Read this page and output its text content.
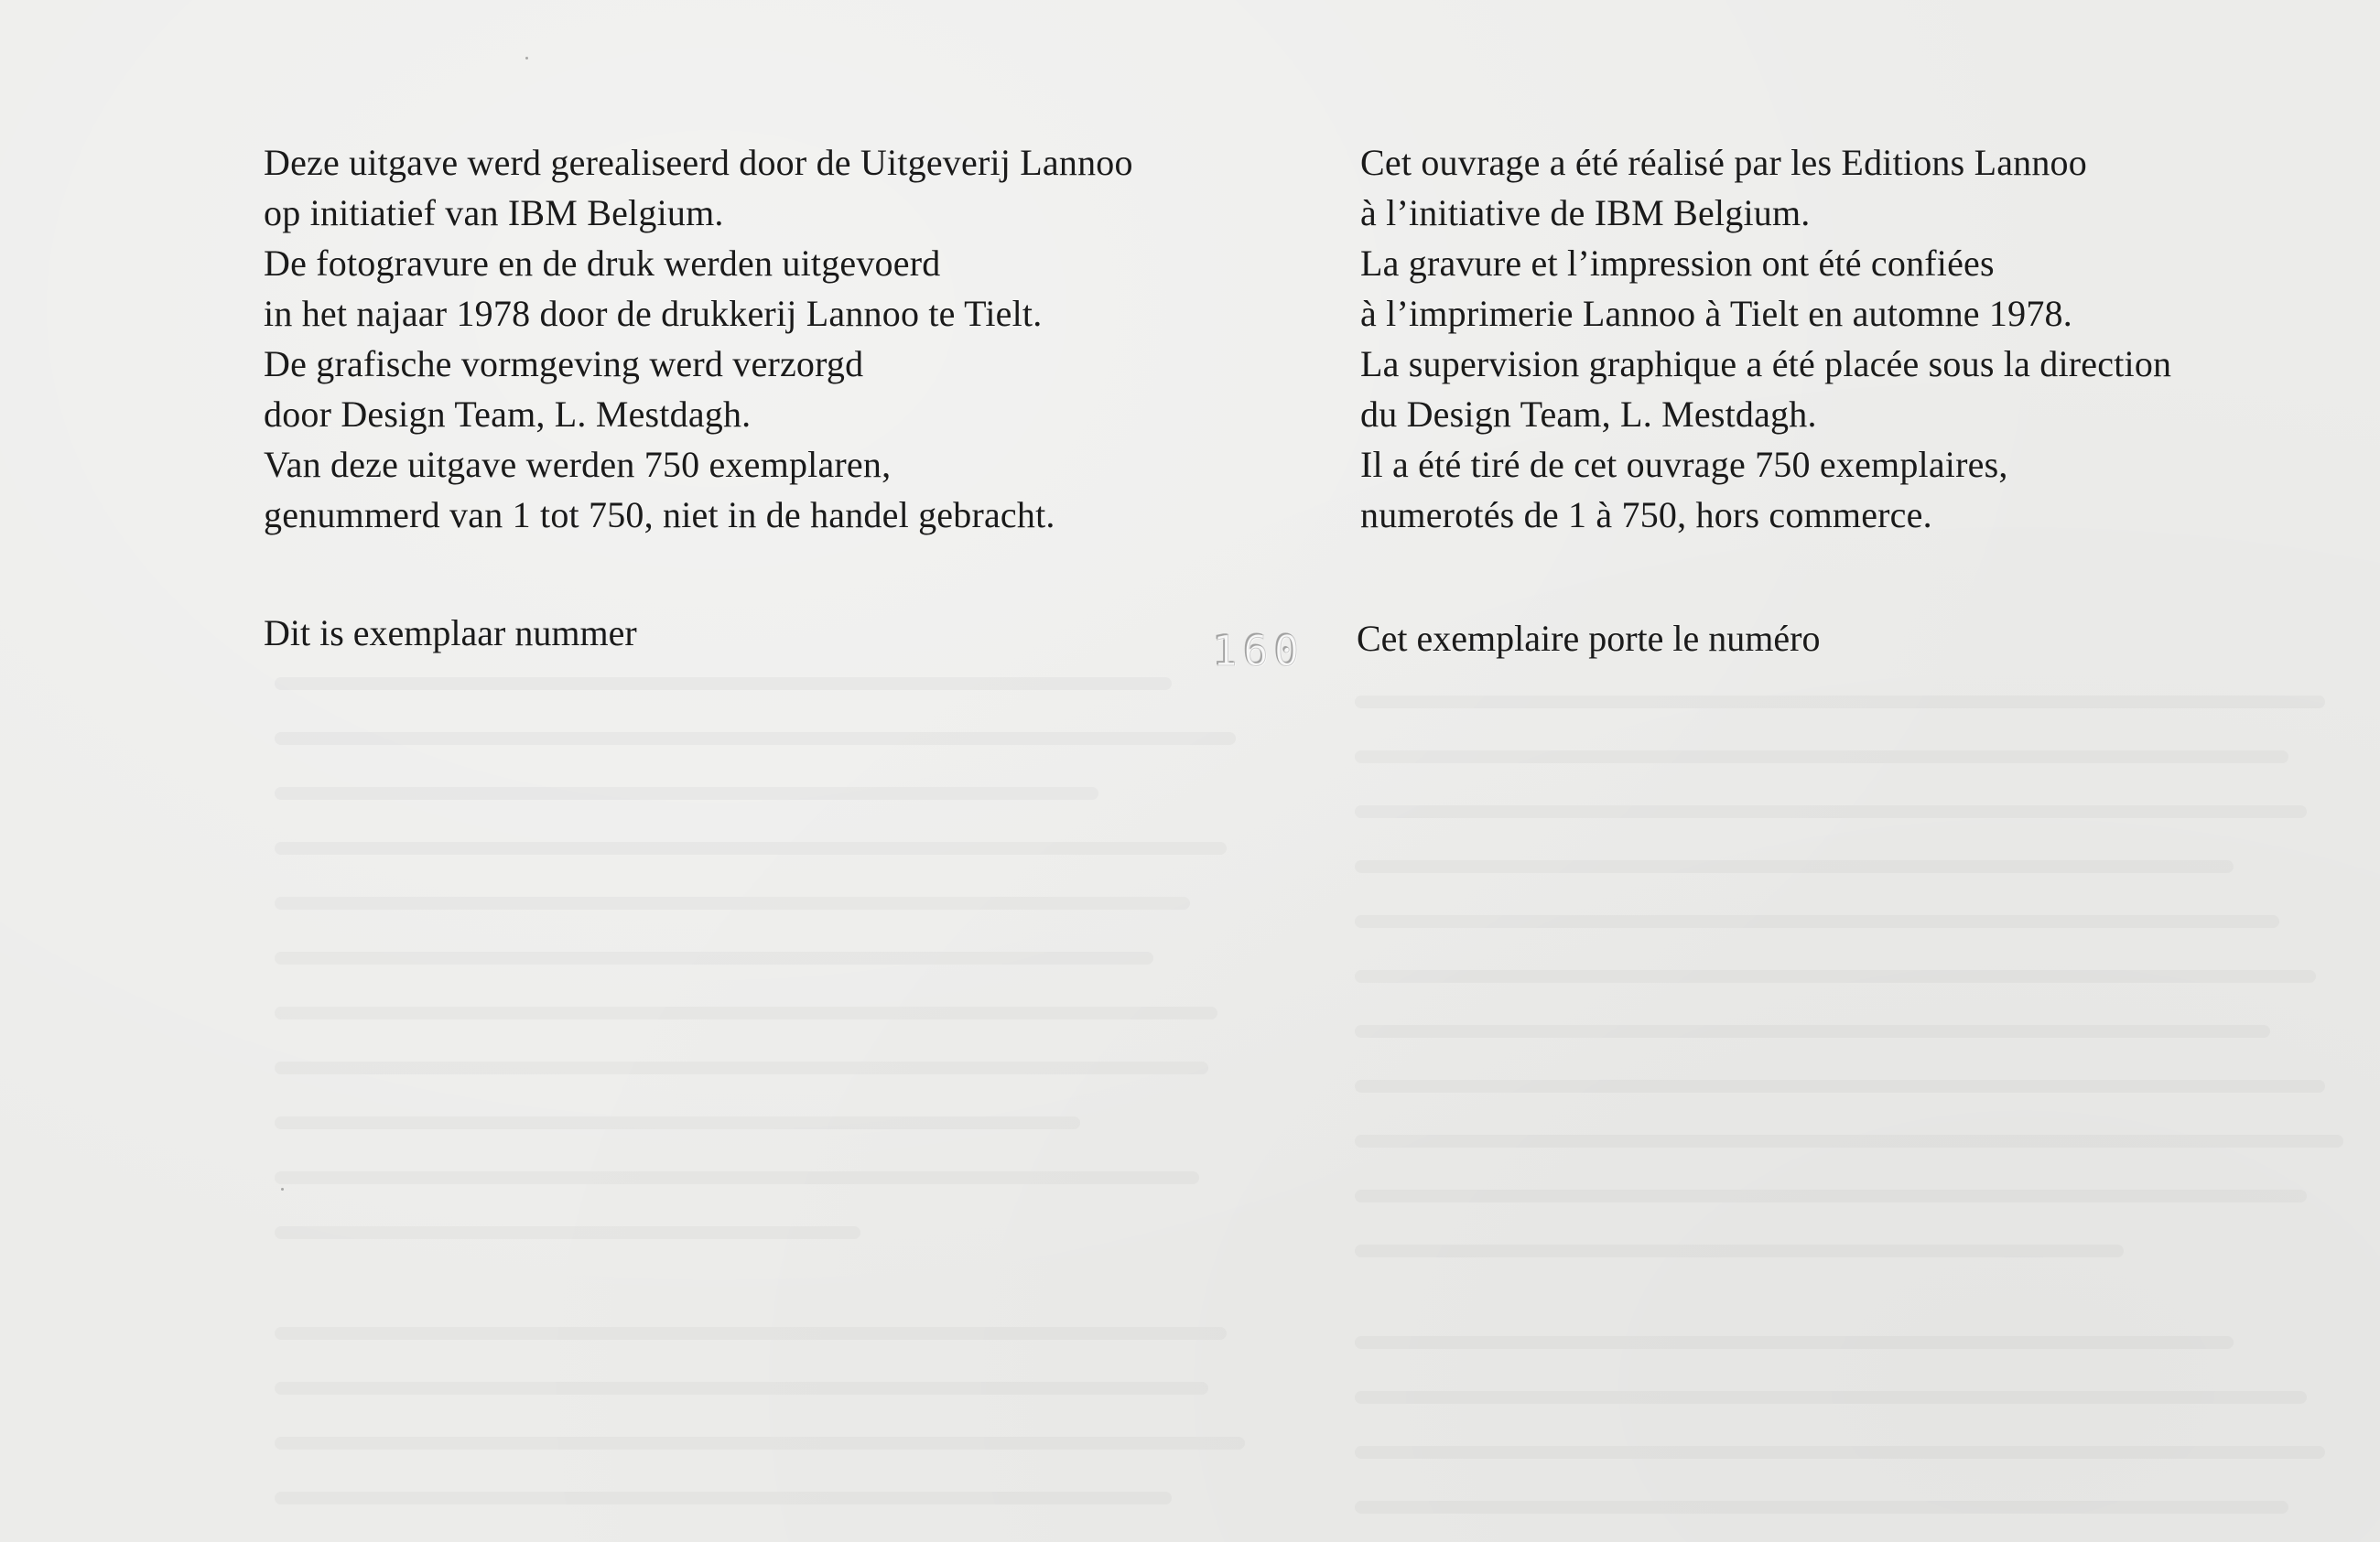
Deze uitgave werd gerealiseerd door de Uitgeverij Lannoo
op initiatief van IBM Belgium.
De fotogravure en de druk werden uitgevoerd
in het najaar 1978 door de drukkerij Lannoo te Tielt.
De grafische vormgeving werd verzorgd
door Design Team, L. Mestdagh.
Van deze uitgave werden 750 exemplaren,
genummerd van 1 tot 750, niet in de handel gebracht.
Cet ouvrage a été réalisé par les Editions Lannoo
à l’initiative de IBM Belgium.
La gravure et l’impression ont été confiées
à l’imprimerie Lannoo à Tielt en automne 1978.
La supervision graphique a été placée sous la direction
du Design Team, L. Mestdagh.
Il a été tiré de cet ouvrage 750 exemplaires,
numerotés de 1 à 750, hors commerce.
Dit is exemplaar nummer	160 Cet exemplaire porte le numéro
